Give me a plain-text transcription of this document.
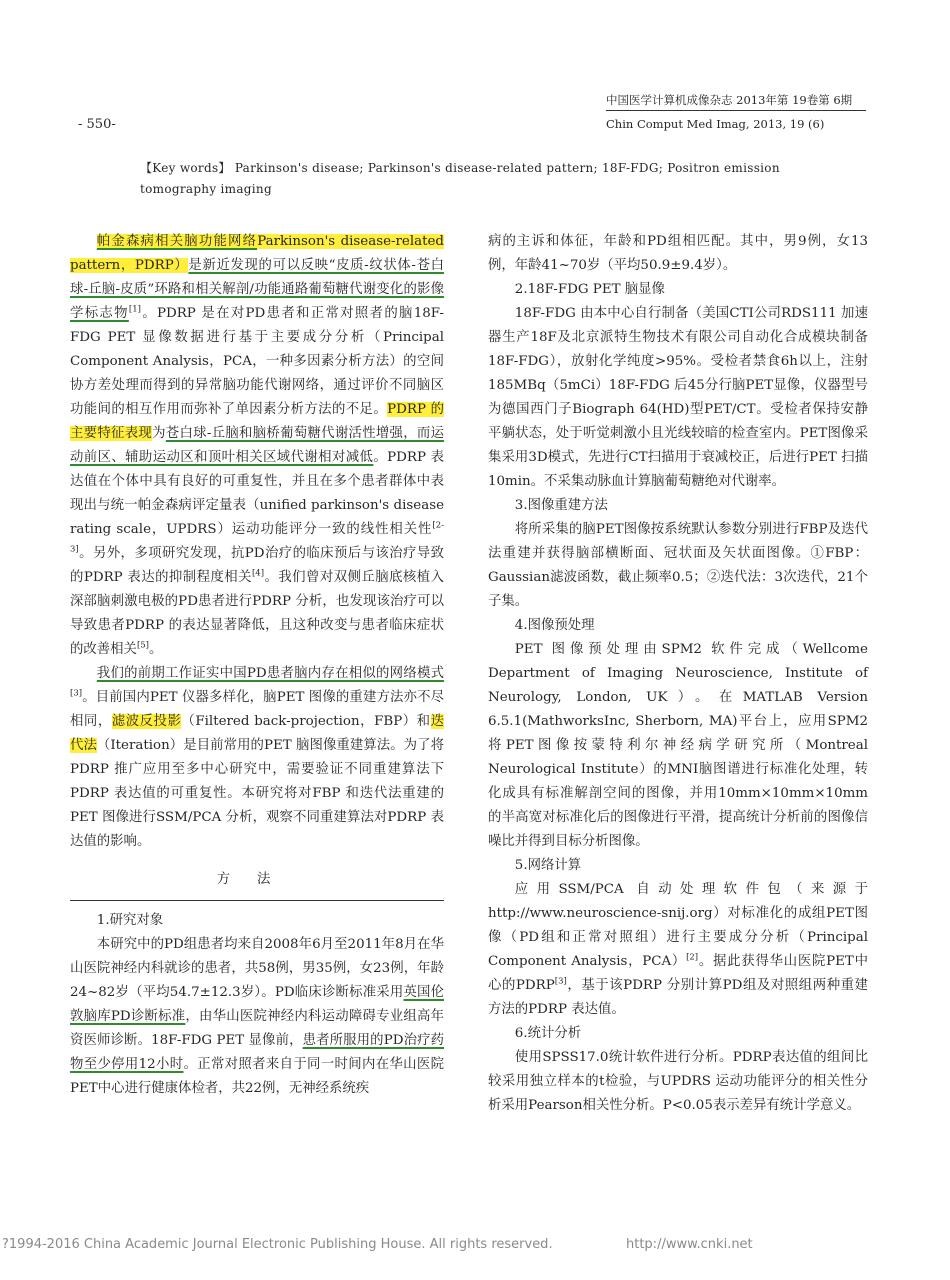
中国医学计算机成像杂志 2013年第 19卷第 6期
Chin Comput Med Imag, 2013, 19 (6)
- 550-
【Key words】 Parkinson's disease; Parkinson's disease-related pattern; 18F-FDG; Positron emission tomography imaging

帕金森病相关脑功能网络Parkinson's disease-related pattern，PDRP）是新近发现的可以反映“皮质-纹状体-苍白球-丘脑-皮质”环路和相关解剖/功能通路葡萄糖代谢变化的影像学标志物[1]。PDRP 是在对PD患者和正常对照者的脑18F-FDG PET 显像数据进行基于主要成分分析（Principal Component Analysis，PCA，一种多因素分析方法）的空间协方差处理而得到的异常脑功能代谢网络，通过评价不同脑区功能间的相互作用而弥补了单因素分析方法的不足。PDRP 的主要特征表现为苍白球-丘脑和脑桥葡萄糖代谢活性增强，而运动前区、辅助运动区和顶叶相关区域代谢相对减低。PDRP 表达值在个体中具有良好的可重复性，并且在多个患者群体中表现出与统一帕金森病评定量表（unified parkinson's disease rating scale，UPDRS）运动功能评分一致的线性相关性[2-3]。另外，多项研究发现，抗PD治疗的临床预后与该治疗导致的PDRP 表达的抑制程度相关[4]。我们曾对双侧丘脑底核植入深部脑刺激电极的PD患者进行PDRP 分析，也发现该治疗可以导致患者PDRP 的表达显著降低，且这种改变与患者临床症状的改善相关[5]。

我们的前期工作证实中国PD患者脑内存在相似的网络模式[3]。目前国内PET 仪器多样化，脑PET 图像的重建方法亦不尽相同，滤波反投影（Filtered back-projection，FBP）和迭代法（Iteration）是目前常用的PET 脑图像重建算法。为了将PDRP 推广应用至多中心研究中，需要验证不同重建算法下PDRP 表达值的可重复性。本研究将对FBP 和迭代法重建的PET 图像进行SSM/PCA 分析，观察不同重建算法对PDRP 表达值的影响。

方法

1.研究对象

本研究中的PD组患者均来自2008年6月至2011年8月在华山医院神经内科就诊的患者，共58例，男35例，女23例，年龄24~82岁（平均54.7±12.3岁）。PD临床诊断标准采用英国伦敦脑库PD诊断标准，由华山医院神经内科运动障碍专业组高年资医师诊断。18F-FDG PET 显像前，患者所服用的PD治疗药物至少停用12小时。正常对照者来自于同一时间内在华山医院PET中心进行健康体检者，共22例，无神经系统疾

病的主诉和体征，年龄和PD组相匹配。其中，男9例，女13例，年龄41~70岁（平均50.9±9.4岁）。

2.18F-FDG PET 脑显像

18F-FDG 由本中心自行制备（美国CTI公司RDS111 加速器生产18F及北京派特生物技术有限公司自动化合成模块制备18F-FDG），放射化学纯度>95%。受检者禁食6h以上，注射185MBq（5mCi）18F-FDG 后45分行脑PET显像，仪器型号为德国西门子Biograph 64(HD)型PET/CT。受检者保持安静平躺状态，处于听觉刺激小且光线较暗的检查室内。PET图像采集采用3D模式，先进行CT扫描用于衰减校正，后进行PET 扫描10min。不采集动脉血计算脑葡萄糖绝对代谢率。

3.图像重建方法

将所采集的脑PET图像按系统默认参数分别进行FBP及迭代法重建并获得脑部横断面、冠状面及矢状面图像。①FBP：Gaussian滤波函数，截止频率0.5；②迭代法：3次迭代，21个子集。

4.图像预处理

PET 图像预处理由SPM2 软件完成（Wellcome Department of Imaging Neuroscience, Institute of Neurology, London, UK）。在MATLAB Version 6.5.1(MathworksInc, Sherborn, MA)平台上，应用SPM2 将PET图像按蒙特利尔神经病学研究所（Montreal Neurological Institute）的MNI脑图谱进行标准化处理，转化成具有标准解剖空间的图像，并用10mm×10mm×10mm 的半高宽对标准化后的图像进行平滑，提高统计分析前的图像信噪比并得到目标分析图像。

5.网络计算

应用SSM/PCA 自动处理软件包（来源于http://www.neuroscience-snij.org）对标准化的成组PET图像（PD组和正常对照组）进行主要成分分析（Principal Component Analysis，PCA）[2]。据此获得华山医院PET中心的PDRP[3]，基于该PDRP 分别计算PD组及对照组两种重建方法的PDRP 表达值。

6.统计分析

使用SPSS17.0统计软件进行分析。PDRP表达值的组间比较采用独立样本的t检验，与UPDRS 运动功能评分的相关性分析采用Pearson相关性分析。P<0.05表示差异有统计学意义。

?1994-2016 China Academic Journal Electronic Publishing House. All rights reserved.	http://www.cnki.net
